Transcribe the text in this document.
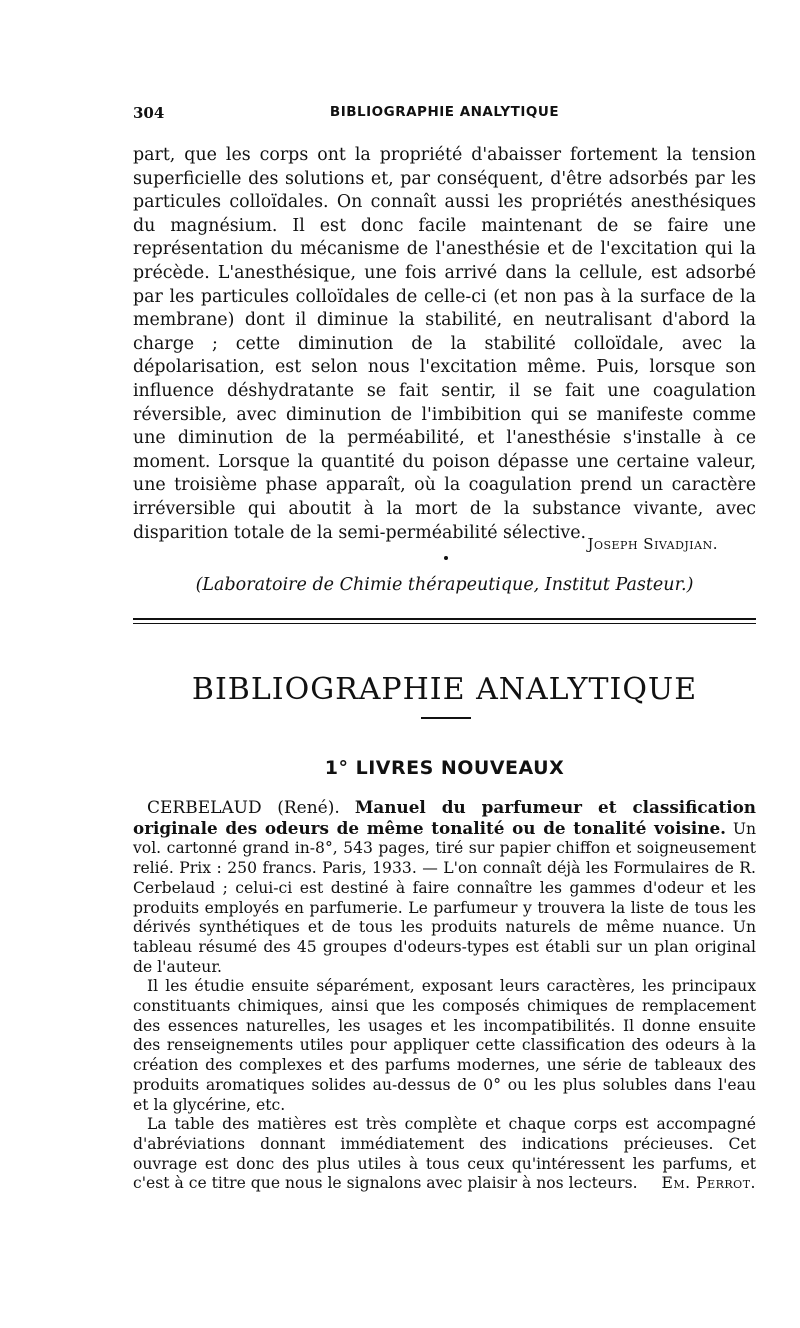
304	BIBLIOGRAPHIE ANALYTIQUE

part, que les corps ont la propriété d'abaisser fortement la tension superficielle des solutions et, par conséquent, d'être adsorbés par les particules colloïdales. On connaît aussi les propriétés anesthésiques du magnésium. Il est donc facile maintenant de se faire une représentation du mécanisme de l'anesthésie et de l'excitation qui la précède. L'anesthésique, une fois arrivé dans la cellule, est adsorbé par les particules colloïdales de celle-ci (et non pas à la surface de la membrane) dont il diminue la stabilité, en neutralisant d'abord la charge ; cette diminution de la stabilité colloïdale, avec la dépolarisation, est selon nous l'excitation même. Puis, lorsque son influence déshydratante se fait sentir, il se fait une coagulation réversible, avec diminution de l'imbibition qui se manifeste comme une diminution de la perméabilité, et l'anesthésie s'installe à ce moment. Lorsque la quantité du poison dépasse une certaine valeur, une troisième phase apparaît, où la coagulation prend un caractère irréversible qui aboutit à la mort de la substance vivante, avec disparition totale de la semi-perméabilité sélective.

Joseph Sivadjian.
(Laboratoire de Chimie thérapeutique, Institut Pasteur.)
BIBLIOGRAPHIE ANALYTIQUE
1° LIVRES NOUVEAUX

CERBELAUD (René). Manuel du parfumeur et classification originale des odeurs de même tonalité ou de tonalité voisine. Un vol. cartonné grand in-8°, 543 pages, tiré sur papier chiffon et soigneusement relié. Prix : 250 francs. Paris, 1933. — L'on connaît déjà les Formulaires de R. Cerbelaud ; celui-ci est destiné à faire connaître les gammes d'odeur et les produits employés en parfumerie. Le parfumeur y trouvera la liste de tous les dérivés synthétiques et de tous les produits naturels de même nuance. Un tableau résumé des 45 groupes d'odeurs-types est établi sur un plan original de l'auteur.

Il les étudie ensuite séparément, exposant leurs caractères, les principaux constituants chimiques, ainsi que les composés chimiques de remplacement des essences naturelles, les usages et les incompatibilités. Il donne ensuite des renseignements utiles pour appliquer cette classification des odeurs à la création des complexes et des parfums modernes, une série de tableaux des produits aromatiques solides au-dessus de 0° ou les plus solubles dans l'eau et la glycérine, etc.

La table des matières est très complète et chaque corps est accompagné d'abréviations donnant immédiatement des indications précieuses. Cet ouvrage est donc des plus utiles à tous ceux qu'intéressent les parfums, et c'est à ce titre que nous le signalons avec plaisir à nos lecteurs.	Em. Perrot.
